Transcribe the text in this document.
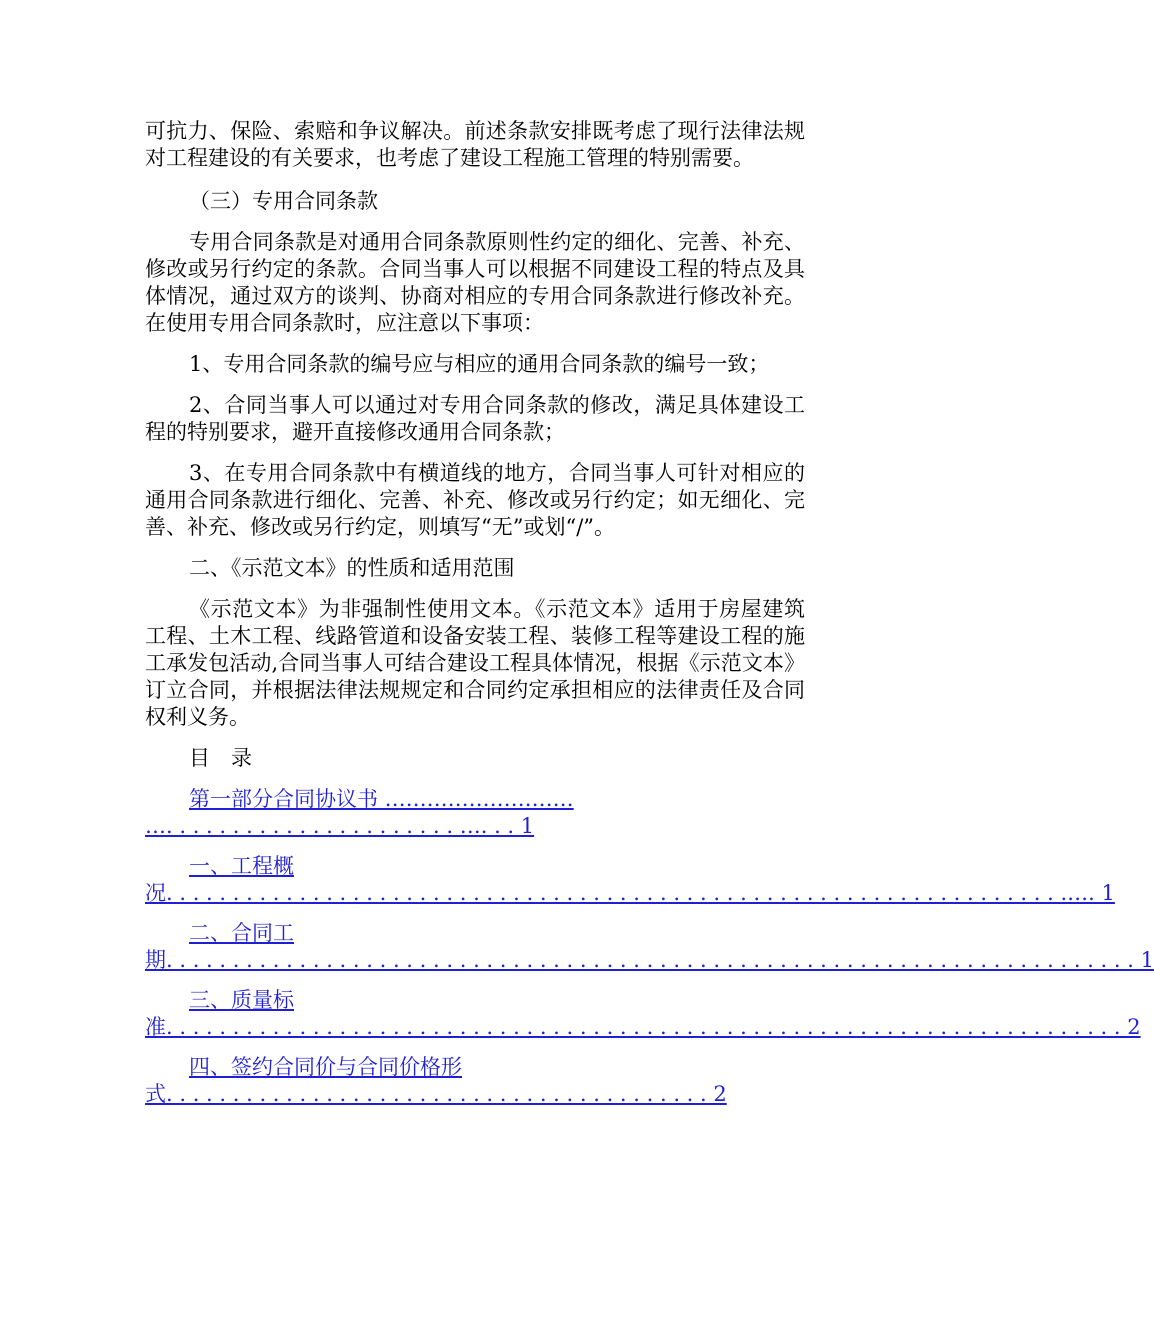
可抗力、保险、索赔和争议解决。前述条款安排既考虑了现行法律法规对工程建设的有关要求，也考虑了建设工程施工管理的特别需要。

（三）专用合同条款

专用合同条款是对通用合同条款原则性约定的细化、完善、补充、修改或另行约定的条款。合同当事人可以根据不同建设工程的特点及具体情况，通过双方的谈判、协商对相应的专用合同条款进行修改补充。在使用专用合同条款时，应注意以下事项：

1、专用合同条款的编号应与相应的通用合同条款的编号一致；

2、合同当事人可以通过对专用合同条款的修改，满足具体建设工程的特别要求，避开直接修改通用合同条款；

3、在专用合同条款中有横道线的地方，合同当事人可针对相应的通用合同条款进行细化、完善、补充、修改或另行约定；如无细化、完善、补充、修改或另行约定，则填写“无”或划“/”。

二、《示范文本》的性质和适用范围

《示范文本》为非强制性使用文本。《示范文本》适用于房屋建筑工程、土木工程、线路管道和设备安装工程、装修工程等建设工程的施工承发包活动,合同当事人可结合建设工程具体情况，根据《示范文本》订立合同，并根据法律法规规定和合同约定承担相应的法律责任及合同权利义务。

目　录

第一部分合同协议书 ………………………
…. . . . . . . . . . . . . . . . . . . . . . …. . . 1
一、工程概
况. . . . . . . . . . . . . . . . . . . . . . . . . . . . . . . . . . . . . . . . . . . . . . . . . . . . . . . . . . . . . . . . . . . .…. 1
二、合同工
期. . . . . . . . . . . . . . . . . . . . . . . . . . . . . . . . . . . . . . . . . . . . . . . . . . . . . . . . . . . . . . . . . . . . . . . . . 1
三、质量标
准. . . . . . . . . . . . . . . . . . . . . . . . . . . . . . . . . . . . . . . . . . . . . . . . . . . . . . . . . . . . . . . . . . . . . . . . 2
四、签约合同价与合同价格形
式. . . . . . . . . . . . . . . . . . . . . . . . . . . . . . . . . . . . . . . . . 2
